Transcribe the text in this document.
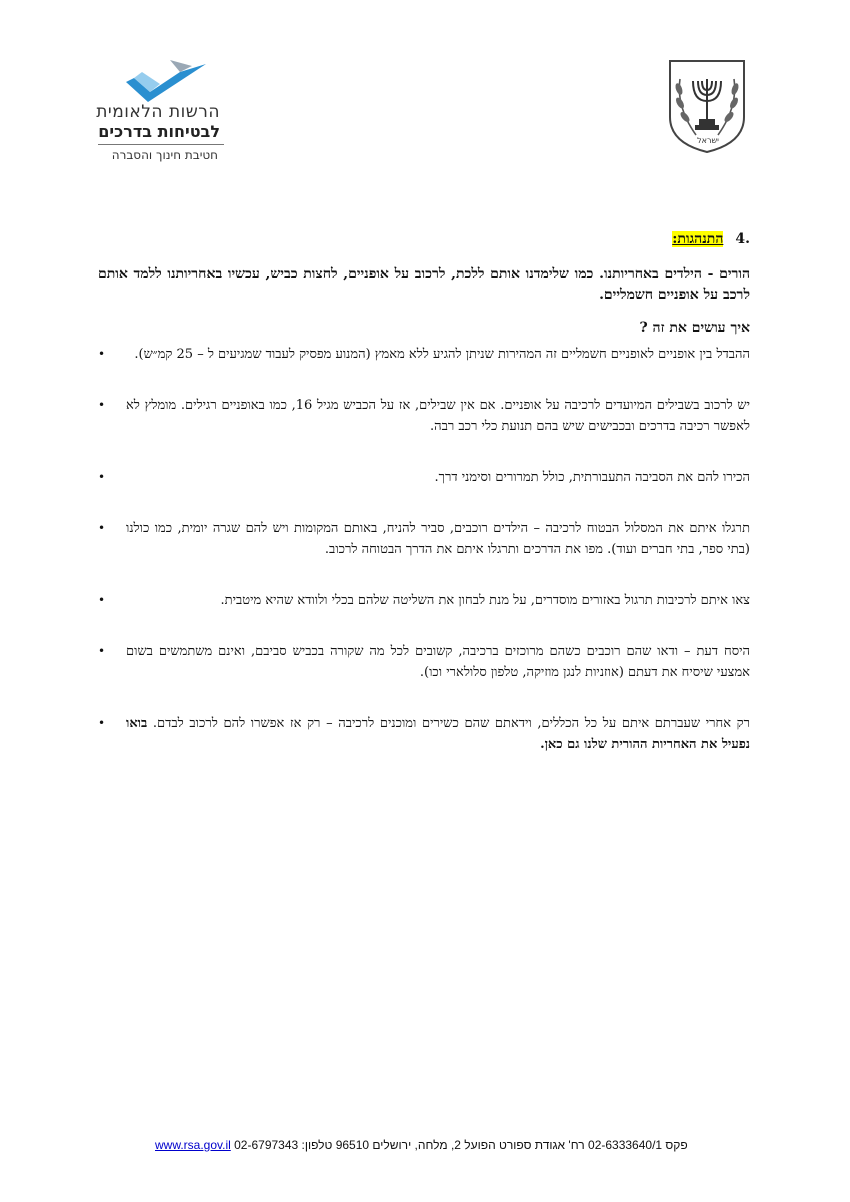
הרשות הלאומית
לבטיחות בדרכים
חטיבת חינוך והסברה
ישראל
.4התנהגות:
הורים - הילדים באחריותנו. כמו שלימדנו אותם ללכת, לרכוב על אופניים, לחצות כביש, עכשיו באחריותנו ללמד אותם לרכב על אופניים חשמליים.
איך עושים את זה ?
• ההבדל בין אופניים לאופניים חשמליים זה המהירות שניתן להגיע ללא מאמץ (המנוע מפסיק לעבוד שמגיעים ל – 25 קמ״ש).
• יש לרכוב בשבילים המיועדים לרכיבה על אופניים. אם אין שבילים, אז על הכביש מגיל 16, כמו באופניים רגילים. מומלץ לא לאפשר רכיבה בדרכים ובכבישים שיש בהם תנועת כלי רכב רבה.
•	הכירו להם את הסביבה התעבורתית, כולל תמרורים וסימני דרך.
• תרגלו איתם את המסלול הבטוח לרכיבה – הילדים רוכבים, סביר להניח, באותם המקומות ויש להם שגרה יומית, כמו כולנו (בתי ספר, בתי חברים ועוד). מפו את הדרכים ותרגלו איתם את הדרך הבטוחה לרכוב.
•	צאו איתם לרכיבות תרגול באזורים מוסדרים, על מנת לבחון את השליטה שלהם בכלי ולוודא שהיא מיטבית.
• היסח דעת – ודאו שהם רוכבים כשהם מרוכזים ברכיבה, קשובים לכל מה שקורה בכביש סביבם, ואינם משתמשים בשום אמצעי שיסיח את דעתם (אוזניות לנגן מוזיקה, טלפון סלולארי וכו).
•	רק אחרי שעברתם איתם על כל הכללים, וידאתם שהם כשירים ומוכנים לרכיבה – רק אז אפשרו להם לרכוב לבדם. בואו נפעיל את האחריות ההורית שלנו גם כאן.
www.rsa.gov.il 02-6797343 :פקס 02-6333640/1 רח' אגודת ספורט הפועל 2, מלחה, ירושלים 96510 טלפון
